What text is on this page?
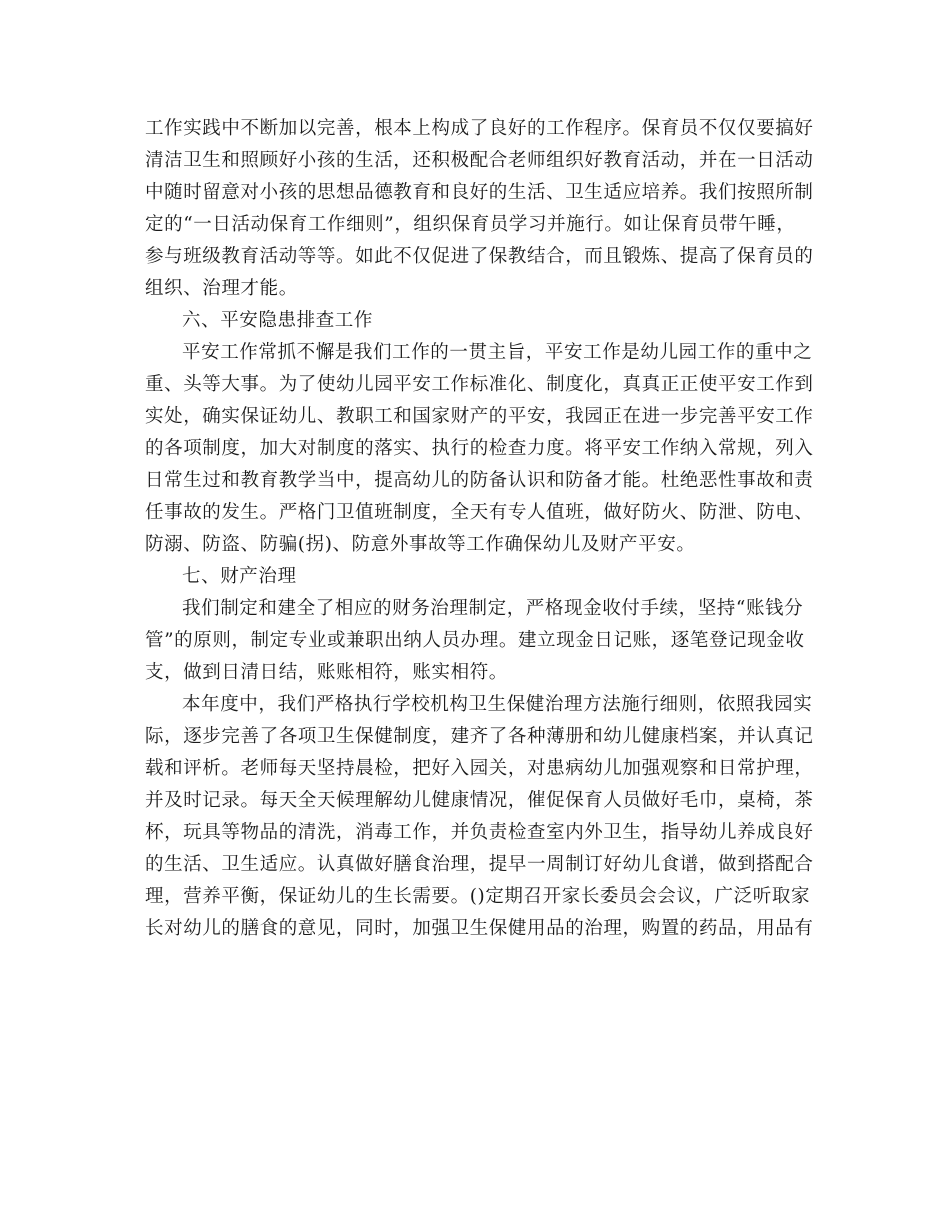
工作实践中不断加以完善，根本上构成了良好的工作程序。保育员不仅仅要搞好
清洁卫生和照顾好小孩的生活，还积极配合老师组织好教育活动，并在一日活动
中随时留意对小孩的思想品德教育和良好的生活、卫生适应培养。我们按照所制
定的“一日活动保育工作细则”，组织保育员学习并施行。如让保育员带午睡，
参与班级教育活动等等。如此不仅促进了保教结合，而且锻炼、提高了保育员的
组织、治理才能。
六、平安隐患排查工作
平安工作常抓不懈是我们工作的一贯主旨，平安工作是幼儿园工作的重中之
重、头等大事。为了使幼儿园平安工作标准化、制度化，真真正正使平安工作到
实处，确实保证幼儿、教职工和国家财产的平安，我园正在进一步完善平安工作
的各项制度，加大对制度的落实、执行的检查力度。将平安工作纳入常规，列入
日常生过和教育教学当中，提高幼儿的防备认识和防备才能。杜绝恶性事故和责
任事故的发生。严格门卫值班制度，全天有专人值班，做好防火、防泄、防电、
防溺、防盗、防骗(拐)、防意外事故等工作确保幼儿及财产平安。
七、财产治理
我们制定和建全了相应的财务治理制定，严格现金收付手续，坚持“账钱分
管”的原则，制定专业或兼职出纳人员办理。建立现金日记账，逐笔登记现金收
支，做到日清日结，账账相符，账实相符。
本年度中，我们严格执行学校机构卫生保健治理方法施行细则，依照我园实
际，逐步完善了各项卫生保健制度，建齐了各种薄册和幼儿健康档案，并认真记
载和评析。老师每天坚持晨检，把好入园关，对患病幼儿加强观察和日常护理，
并及时记录。每天全天候理解幼儿健康情况，催促保育人员做好毛巾，桌椅，茶
杯，玩具等物品的清洗，消毒工作，并负责检查室内外卫生，指导幼儿养成良好
的生活、卫生适应。认真做好膳食治理，提早一周制订好幼儿食谱，做到搭配合
理，营养平衡，保证幼儿的生长需要。()定期召开家长委员会会议，广泛听取家
长对幼儿的膳食的意见，同时，加强卫生保健用品的治理，购置的药品，用品有
